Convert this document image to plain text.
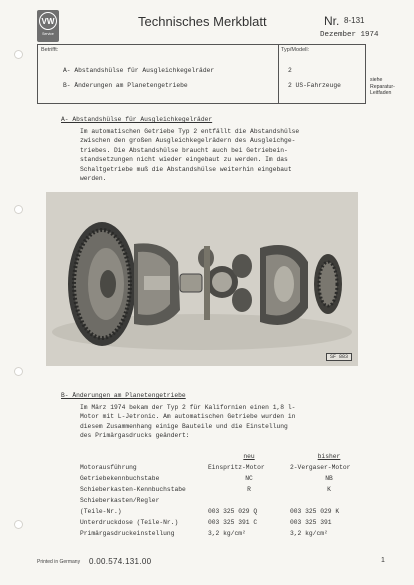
VW
Service
Technisches Merkblatt	Nr. 8-131
Dezember 1974
Betrifft:	Typ/Modell:
A- Abstandshülse für Ausgleichkegelräder	2
B- Änderungen am Planetengetriebe	2 US-Fahrzeuge
siehe Reparatur-Leitfaden
A- Abstandshülse für Ausgleichkegelräder
Im automatischen Getriebe Typ 2 entfällt die Abstandshülse
zwischen den großen Ausgleichkegelrädern des Ausgleichge-
triebes. Die Abstandshülse braucht auch bei Getriebein-
standsetzungen nicht wieder eingebaut zu werden. Im das
Schaltgetriebe muß die Abstandshülse weiterhin eingebaut
werden.
SF 883
B- Änderungen am Planetengetriebe
Im März 1974 bekam der Typ 2 für Kalifornien einen 1,8 l-
Motor mit L-Jetronic. Am automatischen Getriebe wurden in
diesem Zusammenhang einige Bauteile und die Einstellung
des Primärgasdrucks geändert:
	neu	bisher
Motorausführung	Einspritz-Motor	2-Vergaser-Motor
Getriebekennbuchstabe	NC	NB
Schieberkasten-Kennbuchstabe	R	K
Schieberkasten/Regler		
(Teile-Nr.)	003 325 029 Q	003 325 029 K
Unterdruckdose (Teile-Nr.)	003 325 391 C	003 325 391
Primärgasdruckeinstellung	3,2 kg/cm²	3,2 kg/cm²
Printed in Germany 0.00.574.131.00	1
